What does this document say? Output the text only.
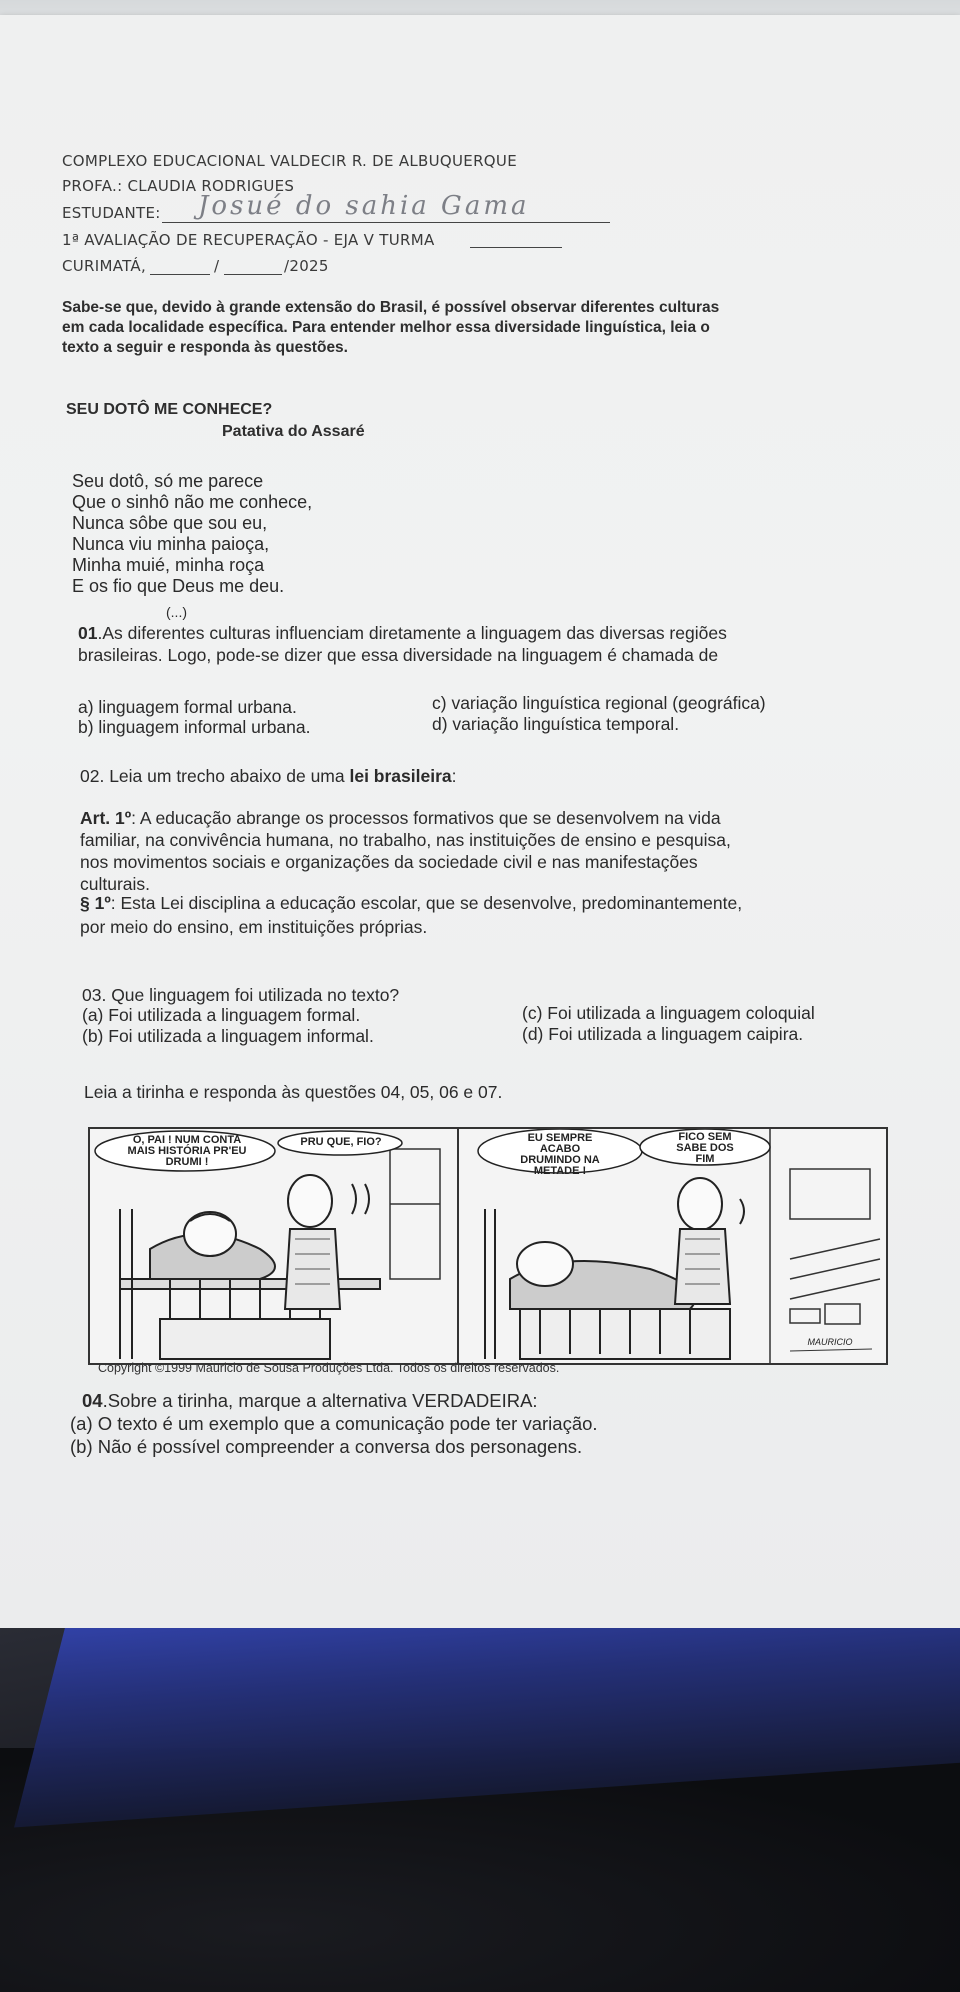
COMPLEXO EDUCACIONAL VALDECIR R. DE ALBUQUERQUE
PROFA.: CLAUDIA RODRIGUES
ESTUDANTE: Josué do sahia Gama
1ª AVALIAÇÃO DE RECUPERAÇÃO - EJA V TURMA
CURIMATÁ,	/	/2025
Sabe-se que, devido à grande extensão do Brasil, é possível observar diferentes culturas
em cada localidade específica. Para entender melhor essa diversidade linguística, leia o
texto a seguir e responda às questões.
SEU DOTÔ ME CONHECE?
Patativa do Assaré
Seu dotô, só me parece
Que o sinhô não me conhece,
Nunca sôbe que sou eu,
Nunca viu minha paioça,
Minha muié, minha roça
E os fio que Deus me deu.
(...)
01.As diferentes culturas influenciam diretamente a linguagem das diversas regiões
brasileiras. Logo, pode-se dizer que essa diversidade na linguagem é chamada de
a) linguagem formal urbana.	c) variação linguística regional (geográfica)
b) linguagem informal urbana.	d) variação linguística temporal.
02. Leia um trecho abaixo de uma lei brasileira:
Art. 1º: A educação abrange os processos formativos que se desenvolvem na vida
familiar, na convivência humana, no trabalho, nas instituições de ensino e pesquisa,
nos movimentos sociais e organizações da sociedade civil e nas manifestações
culturais.
§ 1º: Esta Lei disciplina a educação escolar, que se desenvolve, predominantemente,
por meio do ensino, em instituições próprias.
03. Que linguagem foi utilizada no texto?
(a) Foi utilizada a linguagem formal.	(c) Foi utilizada a linguagem coloquial
(b) Foi utilizada a linguagem informal.	(d) Foi utilizada a linguagem caipira.
Leia a tirinha e responda às questões 04, 05, 06 e 07.
Ó, PAI ! NUM CONTA
MAIS HISTÓRIA PR'EU
DRUMI !
PRU QUE, FIO?	EU SEMPRE
ACABO
DRUMINDO NA
METADE !
FICO SEM
SABE DOS
FIM
MAURICIO
Copyright ©1999 Mauricio de Sousa Produções Ltda. Todos os direitos reservados.
04.Sobre a tirinha, marque a alternativa VERDADEIRA:
(a) O texto é um exemplo que a comunicação pode ter variação.
(b) Não é possível compreender a conversa dos personagens.
